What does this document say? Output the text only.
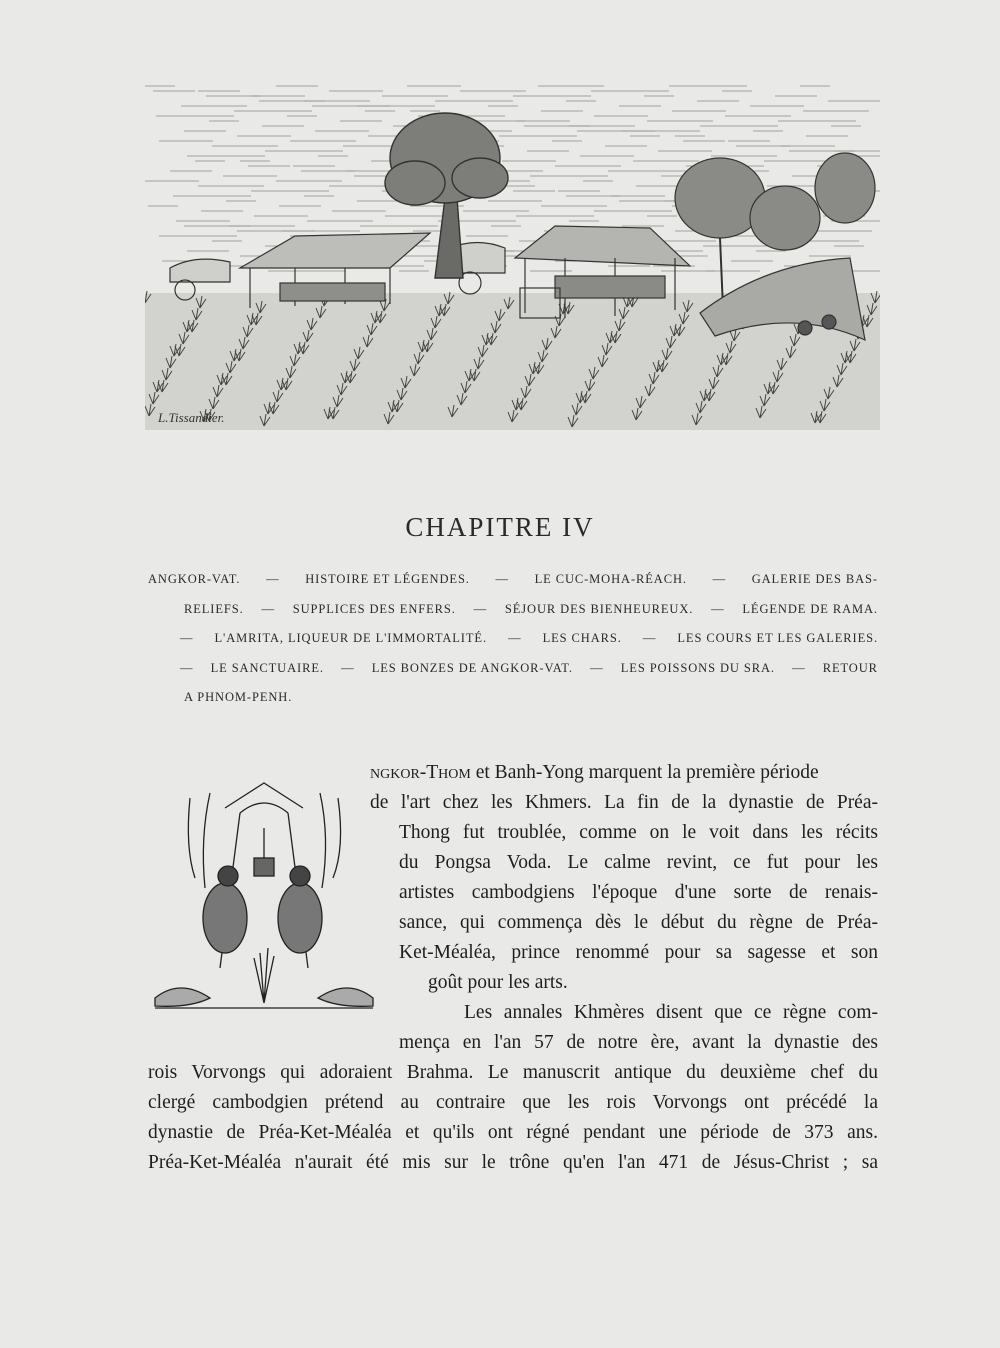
L.Tissandier.
CHAPITRE IV
ANGKOR-VAT. — HISTOIRE ET LÉGENDES. — LE CUC-MOHA-RÉACH. — GALERIE DES BAS-
RELIEFS. — SUPPLICES DES ENFERS. — SÉJOUR DES BIENHEUREUX. — LÉGENDE DE RAMA.
— L'AMRITA, LIQUEUR DE L'IMMORTALITÉ. — LES CHARS. — LES COURS ET LES GALERIES.
— LE SANCTUAIRE. — LES BONZES DE ANGKOR-VAT. — LES POISSONS DU SRA. — RETOUR
A PHNOM-PENH.
ngkor-Thom et Banh-Yong marquent la première période
de l'art chez les Khmers. La fin de la dynastie de Préa-
Thong fut troublée, comme on le voit dans les récits
du Pongsa Voda. Le calme revint, ce fut pour les
artistes cambodgiens l'époque d'une sorte de renais-
sance, qui commença dès le début du règne de Préa-
Ket-Méaléa, prince renommé pour sa sagesse et son
goût pour les arts.
Les annales Khmères disent que ce règne com-
mença en l'an 57 de notre ère, avant la dynastie des
rois Vorvongs qui adoraient Brahma. Le manuscrit antique du deuxième chef du
clergé cambodgien prétend au contraire que les rois Vorvongs ont précédé la
dynastie de Préa-Ket-Méaléa et qu'ils ont régné pendant une période de 373 ans.
Préa-Ket-Méaléa n'aurait été mis sur le trône qu'en l'an 471 de Jésus-Christ ; sa
